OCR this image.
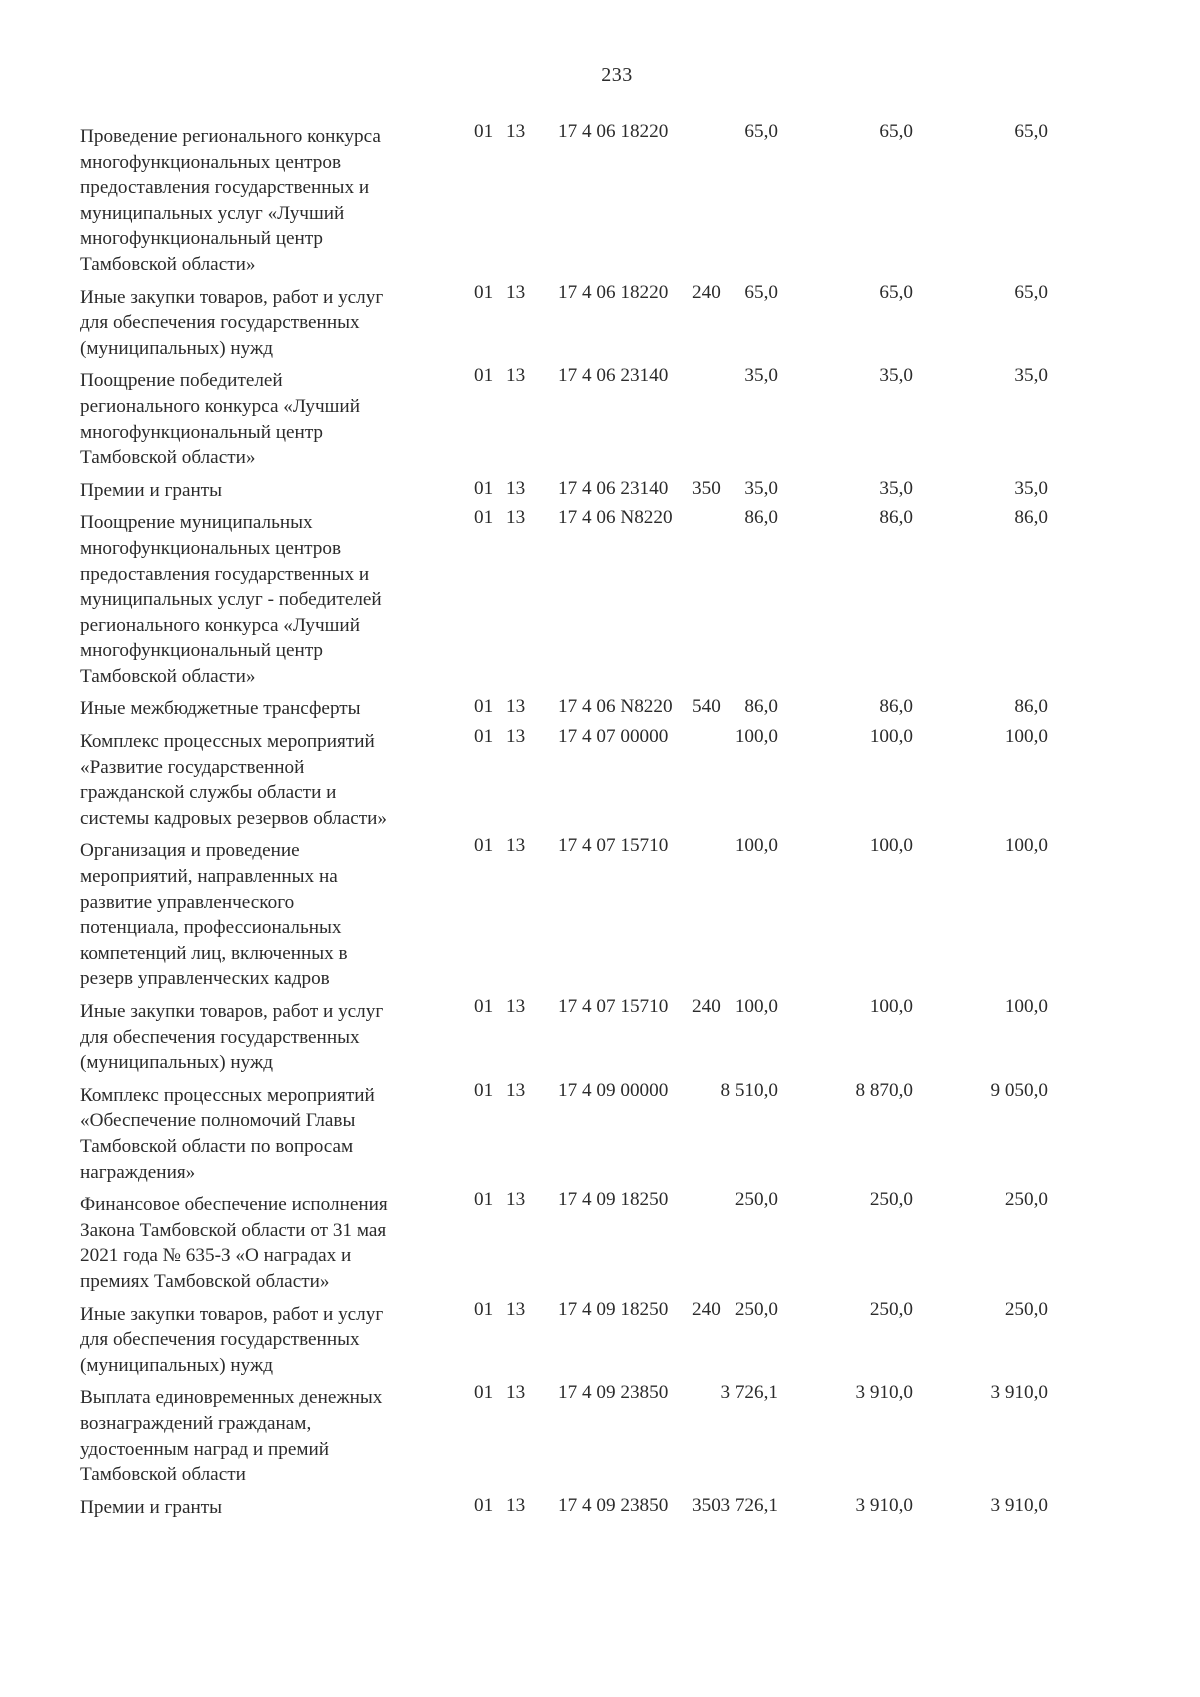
233
Проведение регионального конкурса
многофункциональных центров
предоставления государственных и
муниципальных услуг «Лучший
многофункциональный центр
Тамбовской области»
01 13 17 4 06 18220	65,0	65,0	65,0
Иные закупки товаров, работ и услуг
для обеспечения государственных
(муниципальных) нужд
01 13 17 4 06 18220 240 65,0	65,0	65,0
Поощрение победителей
регионального конкурса «Лучший
многофункциональный центр
Тамбовской области»
01 13 17 4 06 23140	35,0	35,0	35,0
Премии и гранты	01 13 17 4 06 23140 350 35,0	35,0	35,0
Поощрение муниципальных
многофункциональных центров
предоставления государственных и
муниципальных услуг - победителей
регионального конкурса «Лучший
многофункциональный центр
Тамбовской области»
01 13 17 4 06 N8220	86,0	86,0	86,0
Иные межбюджетные трансферты	01 13 17 4 06 N8220 540 86,0	86,0	86,0
Комплекс процессных мероприятий
«Развитие государственной
гражданской службы области и
системы кадровых резервов области»
01 13 17 4 07 00000	100,0	100,0	100,0
Организация и проведение
мероприятий, направленных на
развитие управленческого
потенциала, профессиональных
компетенций лиц, включенных в
резерв управленческих кадров
01 13 17 4 07 15710	100,0	100,0	100,0
Иные закупки товаров, работ и услуг
для обеспечения государственных
(муниципальных) нужд
01 13 17 4 07 15710 240 100,0	100,0	100,0
Комплекс процессных мероприятий
«Обеспечение полномочий Главы
Тамбовской области по вопросам
награждения»
01 13 17 4 09 00000	8 510,0	8 870,0	9 050,0
Финансовое обеспечение исполнения
Закона Тамбовской области от 31 мая
2021 года № 635-З «О наградах и
премиях Тамбовской области»
01 13 17 4 09 18250	250,0	250,0	250,0
Иные закупки товаров, работ и услуг
для обеспечения государственных
(муниципальных) нужд
01 13 17 4 09 18250 240 250,0	250,0	250,0
Выплата единовременных денежных
вознаграждений гражданам,
удостоенным наград и премий
Тамбовской области
01 13 17 4 09 23850	3 726,1	3 910,0	3 910,0
Премии и гранты	01 13 17 4 09 23850 350 3 726,1	3 910,0	3 910,0
